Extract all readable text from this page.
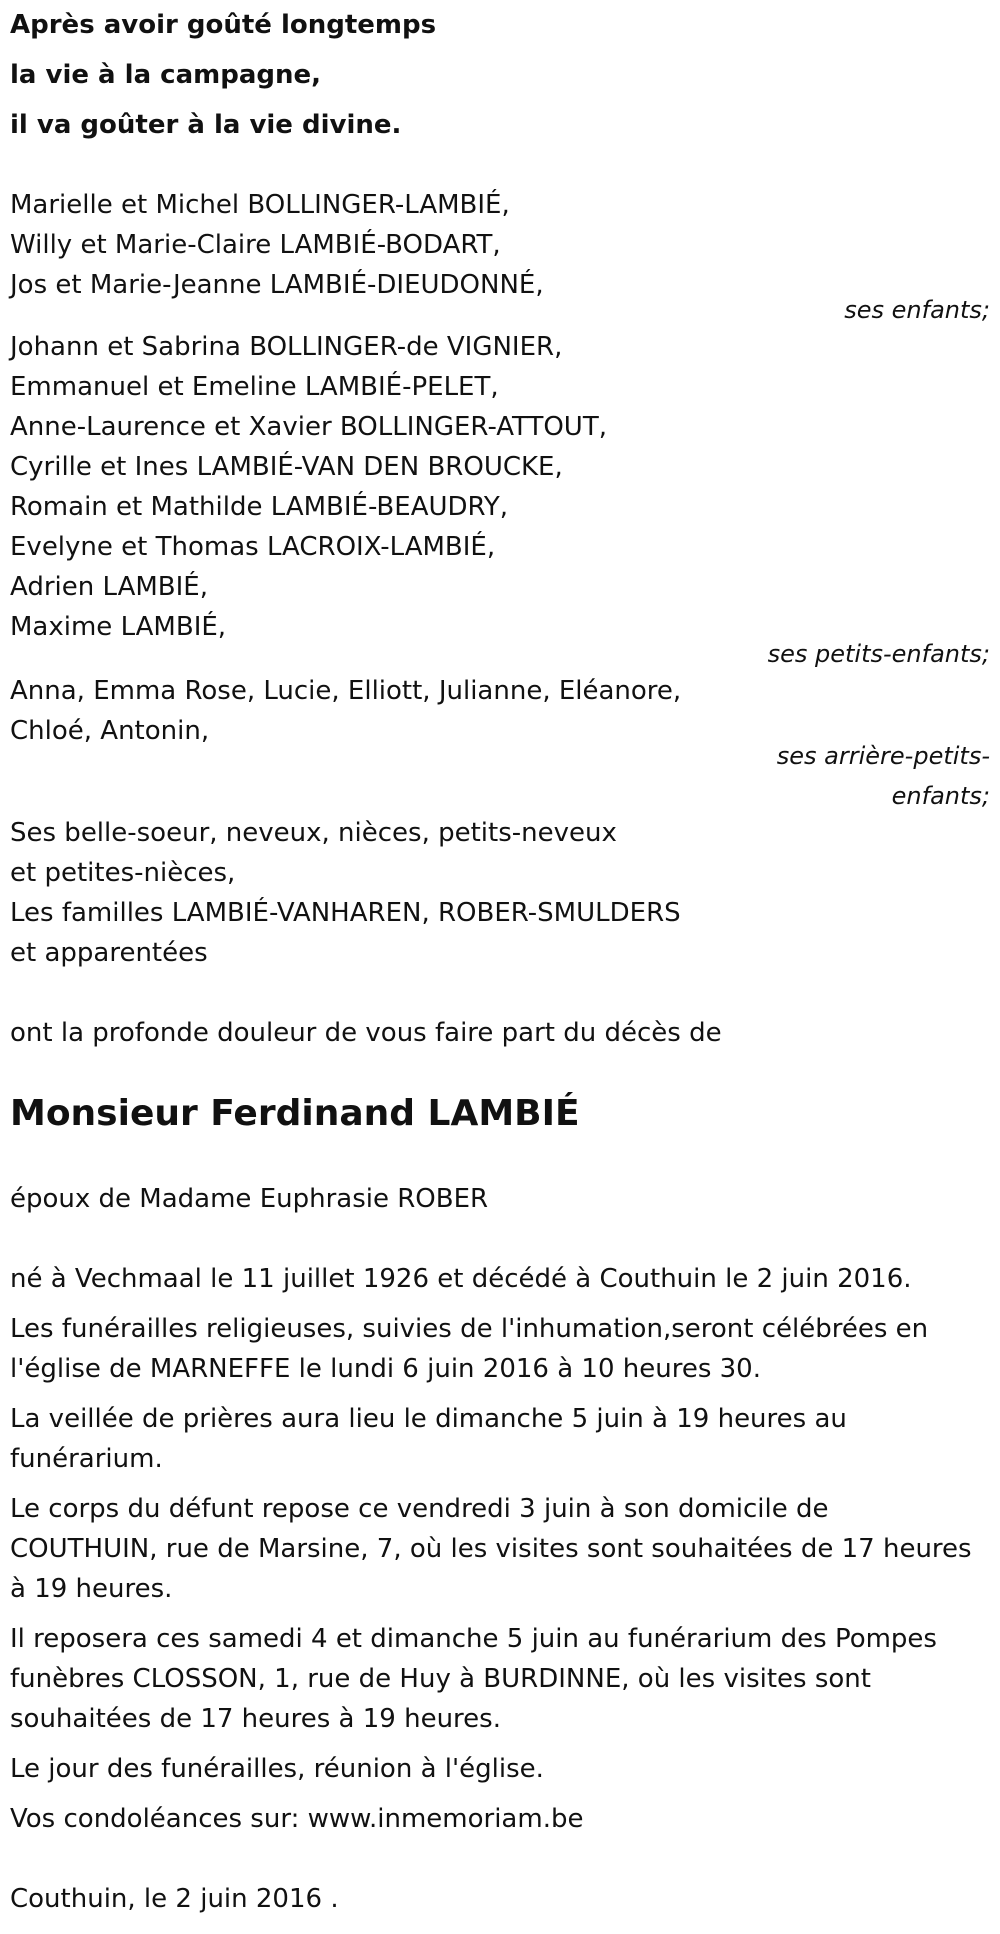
Après avoir goûté longtemps
la vie à la campagne,
il va goûter à la vie divine.
Marielle et Michel BOLLINGER-LAMBIÉ,
Willy et Marie-Claire LAMBIÉ-BODART,
Jos et Marie-Jeanne LAMBIÉ-DIEUDONNÉ,
ses enfants;
Johann et Sabrina BOLLINGER-de VIGNIER,
Emmanuel et Emeline LAMBIÉ-PELET,
Anne-Laurence et Xavier BOLLINGER-ATTOUT,
Cyrille et Ines LAMBIÉ-VAN DEN BROUCKE,
Romain et Mathilde LAMBIÉ-BEAUDRY,
Evelyne et Thomas LACROIX-LAMBIÉ,
Adrien LAMBIÉ,
Maxime LAMBIÉ,
ses petits-enfants;
Anna, Emma Rose, Lucie, Elliott, Julianne, Eléanore,
Chloé, Antonin,
ses arrière-petits-
enfants;
Ses belle-soeur, neveux, nièces, petits-neveux
et petites-nièces,
Les familles LAMBIÉ-VANHAREN, ROBER-SMULDERS
et apparentées
ont la profonde douleur de vous faire part du décès de
Monsieur Ferdinand LAMBIÉ
époux de Madame Euphrasie ROBER
né à Vechmaal le 11 juillet 1926 et décédé à Couthuin le 2 juin 2016.
Les funérailles religieuses, suivies de l'inhumation,seront célébrées en
l'église de MARNEFFE le lundi 6 juin 2016 à 10 heures 30.
La veillée de prières aura lieu le dimanche 5 juin à 19 heures au
funérarium.
Le corps du défunt repose ce vendredi 3 juin à son domicile de
COUTHUIN, rue de Marsine, 7, où les visites sont souhaitées de 17 heures
à 19 heures.
Il reposera ces samedi 4 et dimanche 5 juin au funérarium des Pompes
funèbres CLOSSON, 1, rue de Huy à BURDINNE, où les visites sont
souhaitées de 17 heures à 19 heures.
Le jour des funérailles, réunion à l'église.
Vos condoléances sur: www.inmemoriam.be
Couthuin, le 2 juin 2016 .
